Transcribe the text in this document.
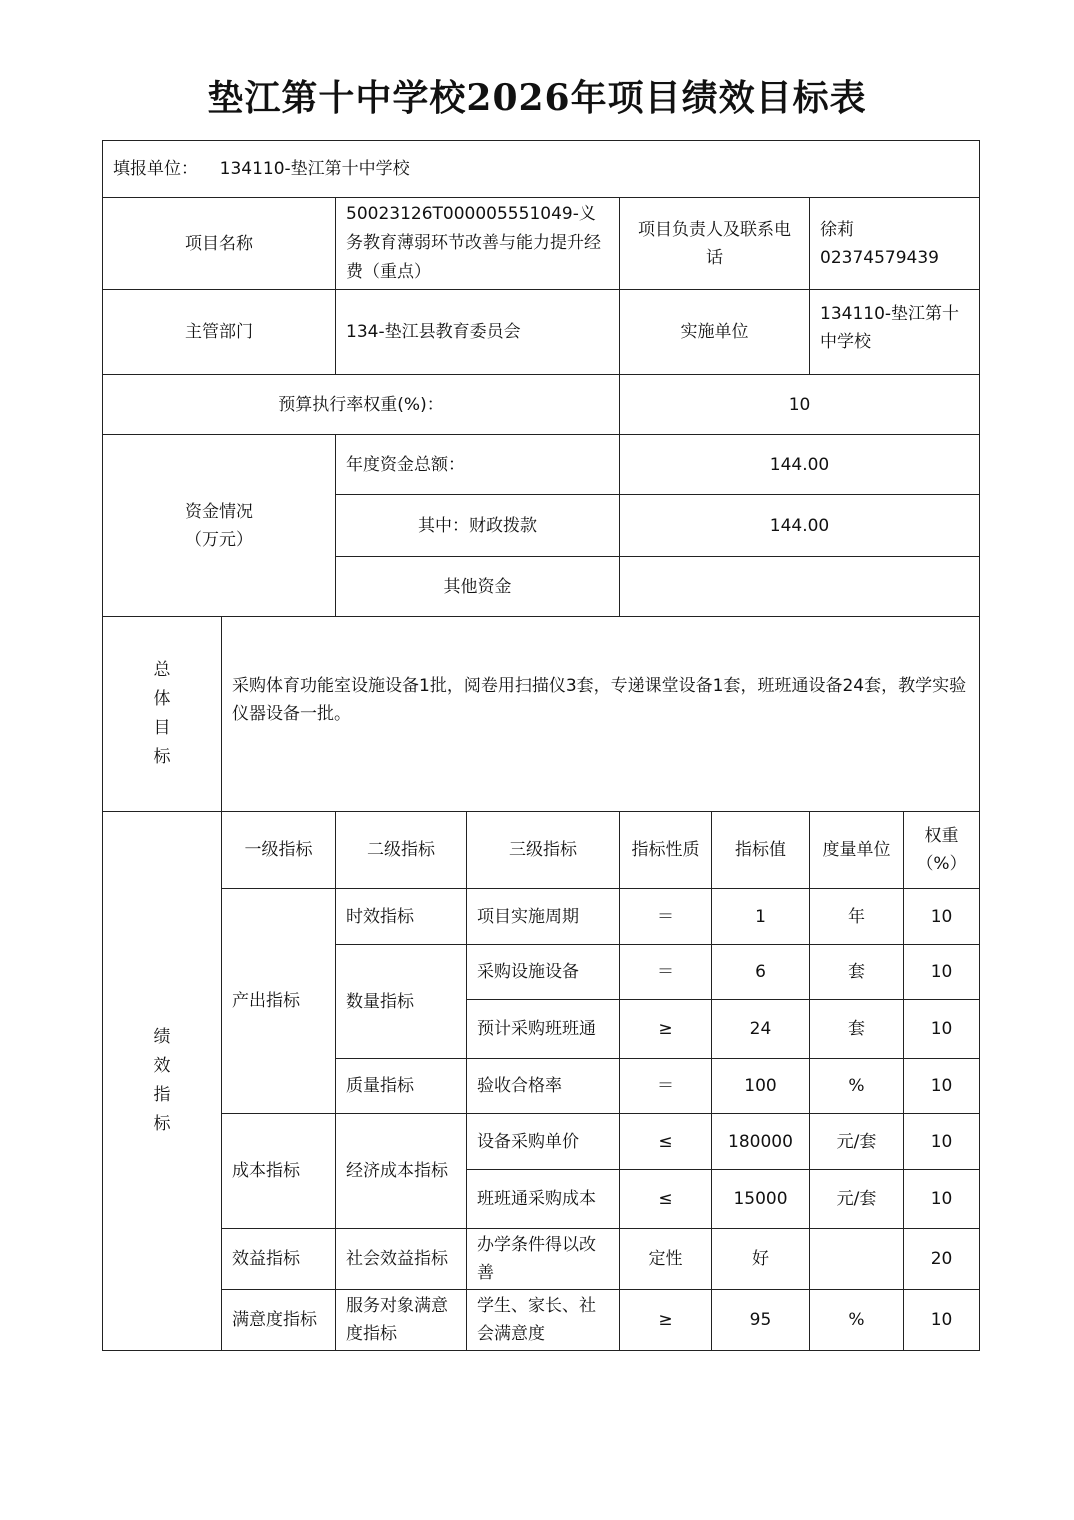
垫江第十中学校2026年项目绩效目标表
填报单位： 134110-垫江第十中学校							
项目名称		50023126T000005551049-义务教育薄弱环节改善与能力提升经费（重点）		项目负责人及联系电话		徐莉
02374579439	

主管部门		134-垫江县教育委员会		实施单位		134110-垫江第十中学校	
预算执行率权重(%)：				10			

资金情况
（万元）		年度资金总额：		144.00			
		其中：财政拨款		144.00			
		其他资金					

总
体
目
标	采购体育功能室设施设备1批，阅卷用扫描仪3套，专递课堂设备1套，班班通设备24套，教学实验仪器设备一批。						

绩
效
指
标	一级指标	二级指标	三级指标	指标性质	指标值	度量单位	权重（%）
	产出指标	时效指标	项目实施周期	＝	1	年	10
		数量指标	采购设施设备	＝	6	套	10
			预计采购班班通	≥	24	套	10
		质量指标	验收合格率	＝	100	%	10
	成本指标	经济成本指标	设备采购单价	≤	180000	元/套	10
			班班通采购成本	≤	15000	元/套	10
	效益指标	社会效益指标	办学条件得以改善	定性	好		20
	满意度指标	服务对象满意度指标	学生、家长、社会满意度	≥	95	%	10
